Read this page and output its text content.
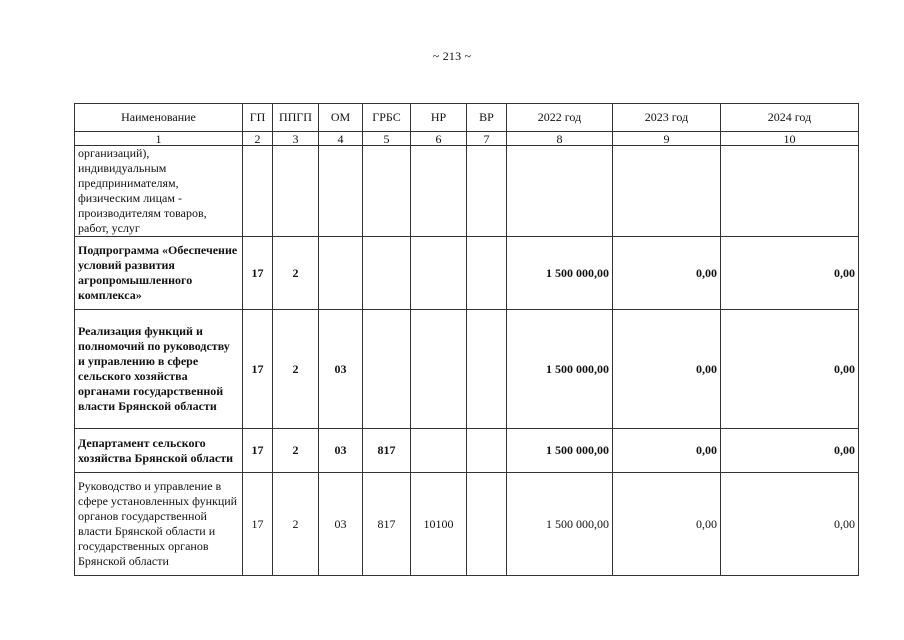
~ 213 ~
Наименование	ГП	ППГП	ОМ	ГРБС	НР	ВР	2022 год	2023 год	2024 год
1	2	3	4	5	6	7	8	9	10
организаций), индивидуальным предпринимателям, физическим лицам - производителям товаров, работ, услуг									
Подпрограмма «Обеспечение условий развития агропромышленного комплекса»	17	2					1 500 000,00	0,00	0,00
Реализация функций и полномочий по руководству и управлению в сфере сельского хозяйства органами государственной власти Брянской области	17	2	03				1 500 000,00	0,00	0,00
Департамент сельского хозяйства Брянской области	17	2	03	817			1 500 000,00	0,00	0,00
Руководство и управление в сфере установленных функций органов государственной власти Брянской области и государственных органов Брянской области	17	2	03	817	10100		1 500 000,00	0,00	0,00
